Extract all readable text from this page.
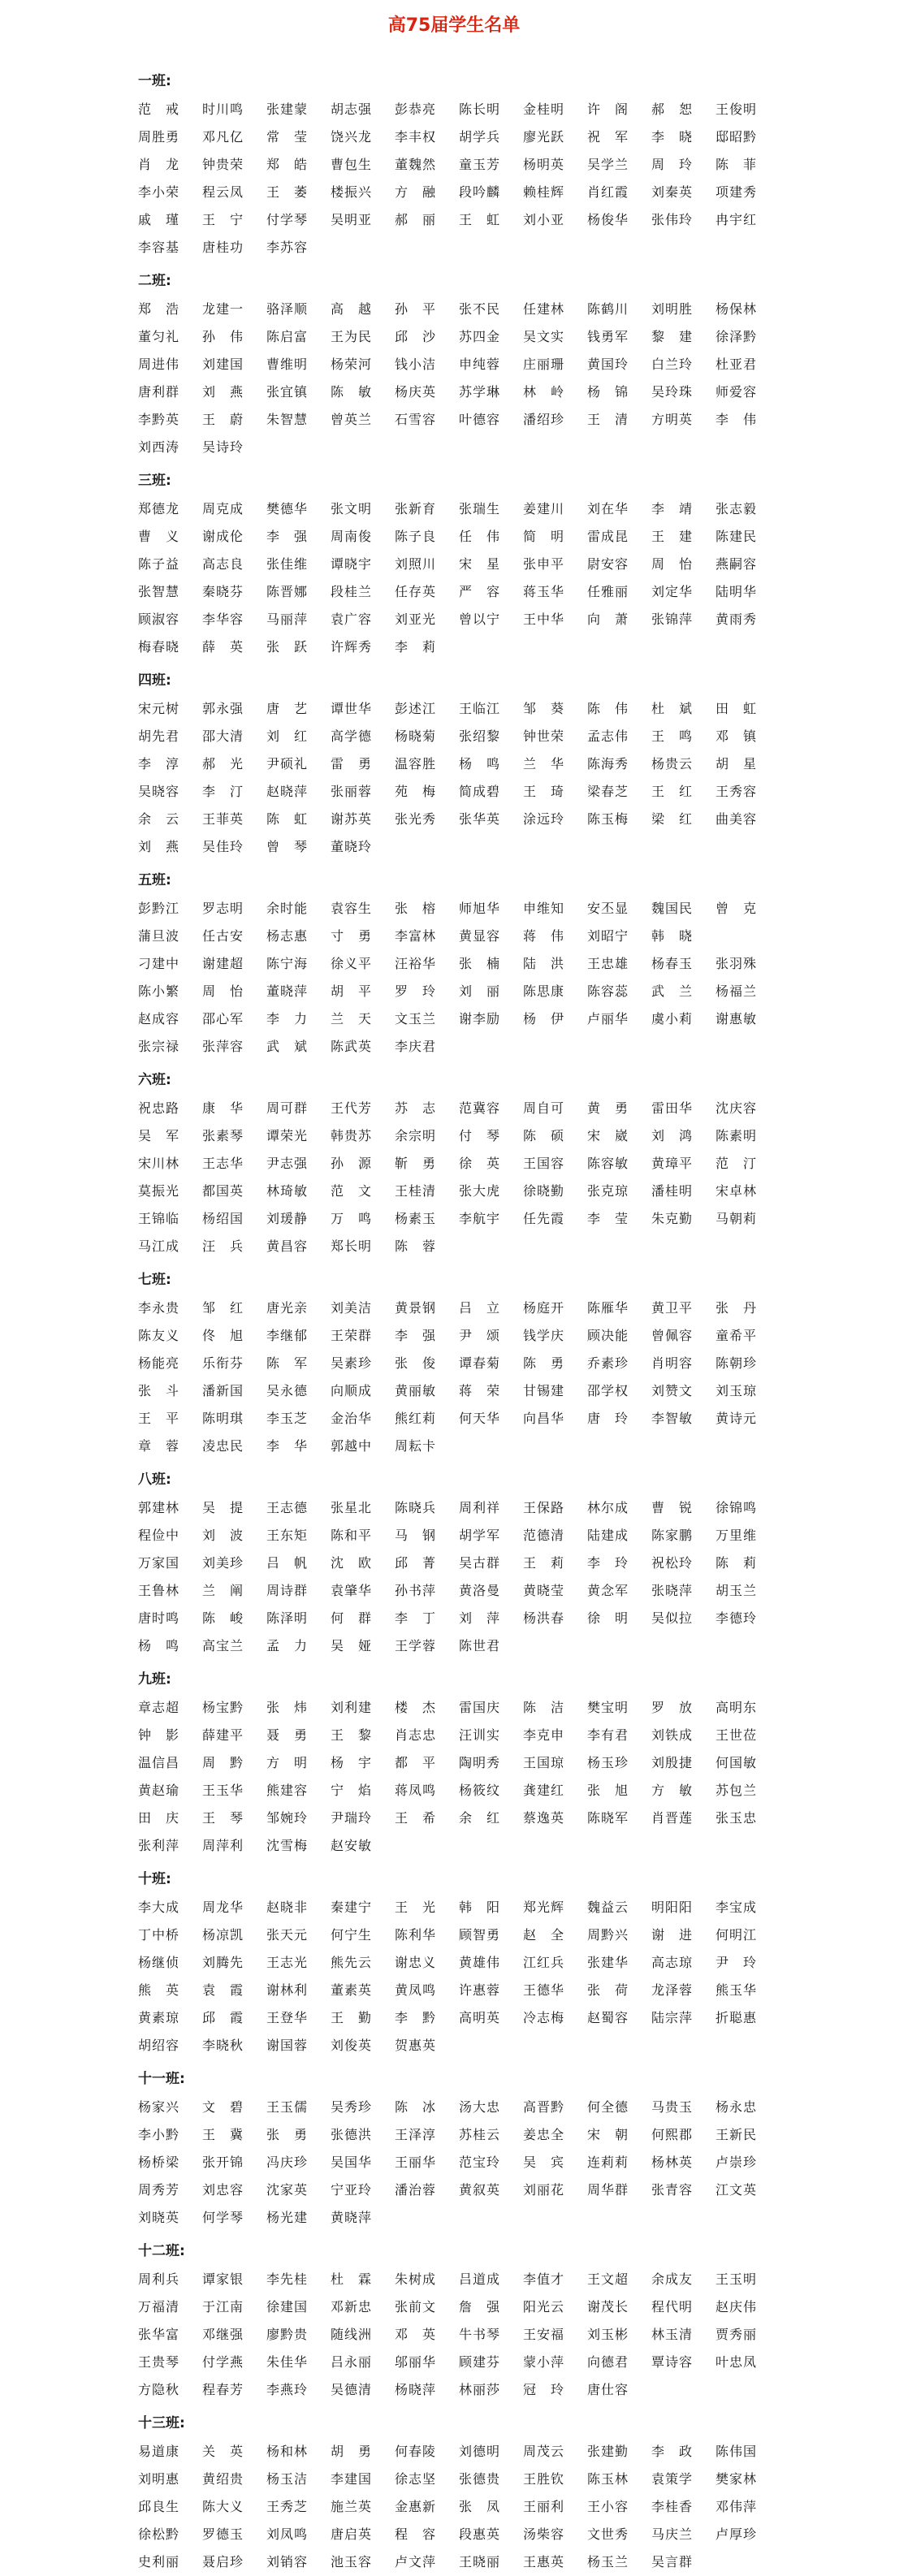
高75届学生名单
一班:
范　戒	时川鸣	张建蒙	胡志强	彭恭亮	陈长明	金桂明	许　阁	郝　恕	王俊明
周胜勇	邓凡亿	常　莹	饶兴龙	李丰权	胡学兵	廖光跃	祝　军	李　晓	邸昭黔
肖　龙	钟贵荣	郑　皓	曹包生	董魏然	童玉芳	杨明英	吴学兰	周　玲	陈　菲
李小荣	程云凤	王　萎	楼振兴	方　融	段吟麟	赖桂辉	肖红霞	刘秦英	项建秀
戚　瑾	王　宁	付学琴	吴明亚	郝　丽	王　虹	刘小亚	杨俊华	张伟玲	冉宇红
李容基	唐桂功	李苏容
二班:
郑　浩	龙建一	骆泽顺	高　越	孙　平	张不民	任建林	陈鹤川	刘明胜	杨保林
董匀礼	孙　伟	陈启富	王为民	邱　沙	苏四金	吴文实	钱勇军	黎　建	徐泽黔
周进伟	刘建国	曹维明	杨荣河	钱小洁	申纯蓉	庄丽珊	黄国玲	白兰玲	杜亚君
唐利群	刘　燕	张宜镇	陈　敏	杨庆英	苏学琳	林　岭	杨　锦	吴玲珠	师爱容
李黔英	王　蔚	朱智慧	曾英兰	石雪容	叶德容	潘绍珍	王　清	方明英	李　伟
刘西涛	吴诗玲
三班:
郑德龙	周克成	樊德华	张文明	张新育	张瑞生	姜建川	刘在华	李　靖	张志毅
曹　义	谢成伦	李　强	周南俊	陈子良	任　伟	简　明	雷成昆	王　建	陈建民
陈子益	高志良	张佳维	谭晓宇	刘照川	宋　星	张申平	尉安容	周　怡	燕嗣容
张智慧	秦晓芬	陈晋娜	段桂兰	任存英	严　容	蒋玉华	任雅丽	刘定华	陆明华
顾淑容	李华容	马丽萍	袁广容	刘亚光	曾以宁	王中华	向　萧	张锦萍	黄雨秀
梅春晓	薛　英	张　跃	许辉秀	李　莉
四班:
宋元树	郭永强	唐　艺	谭世华	彭述江	王临江	邹　葵	陈　伟	杜　斌	田　虹
胡先君	邵大清	刘　红	高学德	杨晓菊	张绍黎	钟世荣	孟志伟	王　鸣	邓　镇
李　淳	郝　光	尹硕礼	雷　勇	温容胜	杨　鸣	兰　华	陈海秀	杨贵云	胡　星
吴晓容	李　汀	赵晓萍	张丽蓉	苑　梅	简成碧	王　琦	梁春芝	王　红	王秀容
余　云	王菲英	陈　虹	谢苏英	张光秀	张华英	涂远玲	陈玉梅	梁　红	曲美容
刘　燕	吴佳玲	曾　琴	董晓玲
五班:
彭黔江	罗志明	余时能	袁容生	张　榕	师旭华	申维知	安丕显	魏国民	曾　克
蒲旦波	任古安	杨志惠	寸　勇	李富林	黄显容	蒋　伟	刘昭宁	韩　晓
刁建中	谢建超	陈宁海	徐义平	汪裕华	张　楠	陆　洪	王忠雄	杨春玉	张羽殊
陈小繁	周　怡	董晓萍	胡　平	罗　玲	刘　丽	陈思康	陈容蕊	武　兰	杨福兰
赵成容	邵心军	李　力	兰　天	文玉兰	谢李励	杨　伊	卢丽华	虞小莉	谢惠敏
张宗禄	张萍容	武　斌	陈武英	李庆君
六班:
祝忠路	康　华	周可群	王代芳	苏　志	范冀容	周自可	黄　勇	雷田华	沈庆容
吴　军	张素琴	谭荣光	韩贵苏	余宗明	付　琴	陈　硕	宋　崴	刘　鸿	陈素明
宋川林	王志华	尹志强	孙　源	靳　勇	徐　英	王国容	陈容敏	黄璋平	范　汀
莫振光	都国英	林琦敏	范　文	王桂清	张大虎	徐晓勤	张克琼	潘桂明	宋卓林
王锦临	杨绍国	刘瑗静	万　鸣	杨素玉	李航宇	任先霞	李　莹	朱克勤	马朝莉
马江成	汪　兵	黄昌容	郑长明	陈　蓉
七班:
李永贵	邹　红	唐光亲	刘美洁	黄景钢	吕　立	杨庭开	陈雁华	黄卫平	张　丹
陈友义	佟　旭	李继郁	王荣群	李　强	尹　颂	钱学庆	顾决能	曾佩容	童希平
杨能亮	乐衔芬	陈　军	吴素珍	张　俊	谭春菊	陈　勇	乔素珍	肖明容	陈朝珍
张　斗	潘新国	吴永德	向顺成	黄丽敏	蒋　荣	甘锡建	邵学权	刘赞文	刘玉琼
王　平	陈明琪	李玉芝	金治华	熊红莉	何天华	向昌华	唐　玲	李智敏	黄诗元
章　蓉	凌忠民	李　华	郭越中	周耘卡
八班:
郭建林	吴　提	王志德	张星北	陈晓兵	周利祥	王保路	林尔成	曹　锐	徐锦鸣
程俭中	刘　波	王东矩	陈和平	马　钢	胡学军	范德清	陆建成	陈家鹏	万里维
万家国	刘美珍	吕　帆	沈　欧	邱　菁	吴古群	王　莉	李　玲	祝松玲	陈　莉
王鲁林	兰　阐	周诗群	袁肇华	孙书萍	黄洛曼	黄晓莹	黄念军	张晓萍	胡玉兰
唐时鸣	陈　峻	陈泽明	何　群	李　丁	刘　萍	杨洪春	徐　明	吴似拉	李德玲
杨　鸣	高宝兰	孟　力	吴　娅	王学蓉	陈世君
九班:
章志超	杨宝黔	张　炜	刘利建	楼　杰	雷国庆	陈　洁	樊宝明	罗　放	高明东
钟　影	薛建平	聂　勇	王　黎	肖志忠	汪训实	李克申	李有君	刘铁成	王世莅
温信昌	周　黔	方　明	杨　宇	都　平	陶明秀	王国琼	杨玉珍	刘殷捷	何国敏
黄赵瑜	王玉华	熊建容	宁　焰	蒋凤鸣	杨筱纹	龚建红	张　旭	方　敏	苏包兰
田　庆	王　琴	邹婉玲	尹瑞玲	王　希	余　红	蔡逸英	陈晓军	肖晋莲	张玉忠
张利萍	周萍利	沈雪梅	赵安敏
十班:
李大成	周龙华	赵晓非	秦建宁	王　光	韩　阳	郑光辉	魏益云	明阳阳	李宝成
丁中桥	杨凉凯	张天元	何宁生	陈利华	顾智勇	赵　全	周黔兴	谢　进	何明江
杨继侦	刘腾先	王志光	熊先云	谢忠义	黄雄伟	江红兵	张建华	高志琼	尹　玲
熊　英	袁　霞	谢林利	董素英	黄凤鸣	许惠蓉	王德华	张　荷	龙泽蓉	熊玉华
黄素琼	邱　霞	王登华	王　勤	李　黔	高明英	冷志梅	赵蜀容	陆宗萍	折聪惠
胡绍容	李晓秋	谢国蓉	刘俊英	贺惠英
十一班:
杨家兴	文　碧	王玉儒	吴秀珍	陈　冰	汤大忠	高晋黔	何全德	马贵玉	杨永忠
李小黔	王　冀	张　勇	张德洪	王泽淳	苏桂云	姜忠全	宋　朝	何熙郡	王新民
杨桥梁	张开锦	冯庆珍	吴国华	王丽华	范宝玲	吴　宾	连莉莉	杨林英	卢崇珍
周秀芳	刘忠容	沈家英	宁亚玲	潘治蓉	黄叙英	刘丽花	周华群	张青容	江文英
刘晓英	何学琴	杨光建	黄晓萍
十二班:
周利兵	谭家银	李先桂	杜　霖	朱树成	吕道成	李值才	王文超	余成友	王玉明
万福清	于江南	徐建国	邓新忠	张前文	詹　强	阳光云	谢茂长	程代明	赵庆伟
张华富	邓继强	廖黔贵	随线洲	邓　英	牛书琴	王安福	刘玉彬	林玉清	贾秀丽
王贵琴	付学燕	朱佳华	吕永丽	邬丽华	顾建芬	蒙小萍	向德君	覃诗容	叶忠凤
方隐秋	程春芳	李燕玲	吴德清	杨晓萍	林丽莎	冠　玲	唐仕容
十三班:
易道康	关　英	杨和林	胡　勇	何春陵	刘德明	周茂云	张建勤	李　政	陈伟国
刘明惠	黄绍贵	杨玉洁	李建国	徐志坚	张德贵	王胜钦	陈玉林	袁策学	樊家林
邱良生	陈大义	王秀芝	施兰英	金惠新	张　凤	王丽利	王小容	李桂香	邓伟萍
徐松黔	罗德玉	刘凤鸣	唐启英	程　容	段惠英	汤柴容	文世秀	马庆兰	卢厚珍
史利丽	聂启珍	刘销容	池玉容	卢文萍	王晓丽	王惠英	杨玉兰	吴言群
